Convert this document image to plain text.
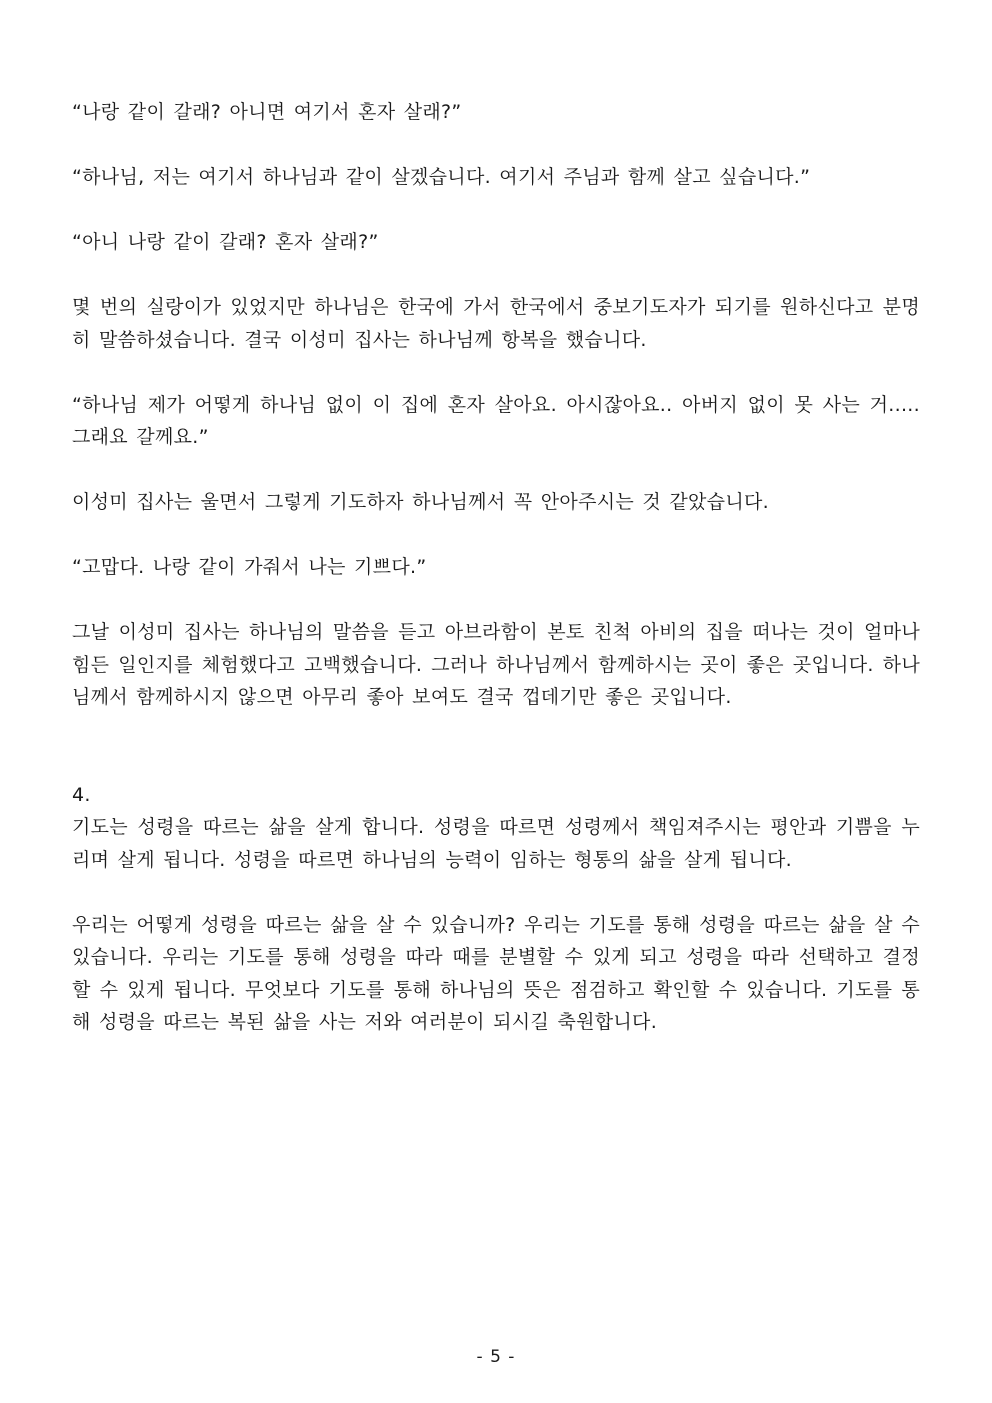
“나랑 같이 갈래? 아니면 여기서 혼자 살래?”

“하나님, 저는 여기서 하나님과 같이 살겠습니다. 여기서 주님과 함께 살고 싶습니다.”

“아니 나랑 같이 갈래? 혼자 살래?”

몇 번의 실랑이가 있었지만 하나님은 한국에 가서 한국에서 중보기도자가 되기를 원하신다고 분명히 말씀하셨습니다. 결국 이성미 집사는 하나님께 항복을 했습니다.

“하나님 제가 어떻게 하나님 없이 이 집에 혼자 살아요. 아시잖아요.. 아버지 없이 못 사는 거..... 그래요 갈께요.”

이성미 집사는 울면서 그렇게 기도하자 하나님께서 꼭 안아주시는 것 같았습니다.

“고맙다. 나랑 같이 가줘서 나는 기쁘다.”

그날 이성미 집사는 하나님의 말씀을 듣고 아브라함이 본토 친척 아비의 집을 떠나는 것이 얼마나 힘든 일인지를 체험했다고 고백했습니다. 그러나 하나님께서 함께하시는 곳이 좋은 곳입니다. 하나님께서 함께하시지 않으면 아무리 좋아 보여도 결국 껍데기만 좋은 곳입니다.

4.

기도는 성령을 따르는 삶을 살게 합니다. 성령을 따르면 성령께서 책임져주시는 평안과 기쁨을 누리며 살게 됩니다. 성령을 따르면 하나님의 능력이 임하는 형통의 삶을 살게 됩니다.

우리는 어떻게 성령을 따르는 삶을 살 수 있습니까? 우리는 기도를 통해 성령을 따르는 삶을 살 수 있습니다. 우리는 기도를 통해 성령을 따라 때를 분별할 수 있게 되고 성령을 따라 선택하고 결정할 수 있게 됩니다. 무엇보다 기도를 통해 하나님의 뜻은 점검하고 확인할 수 있습니다. 기도를 통해 성령을 따르는 복된 삶을 사는 저와 여러분이 되시길 축원합니다.

- 5 -
